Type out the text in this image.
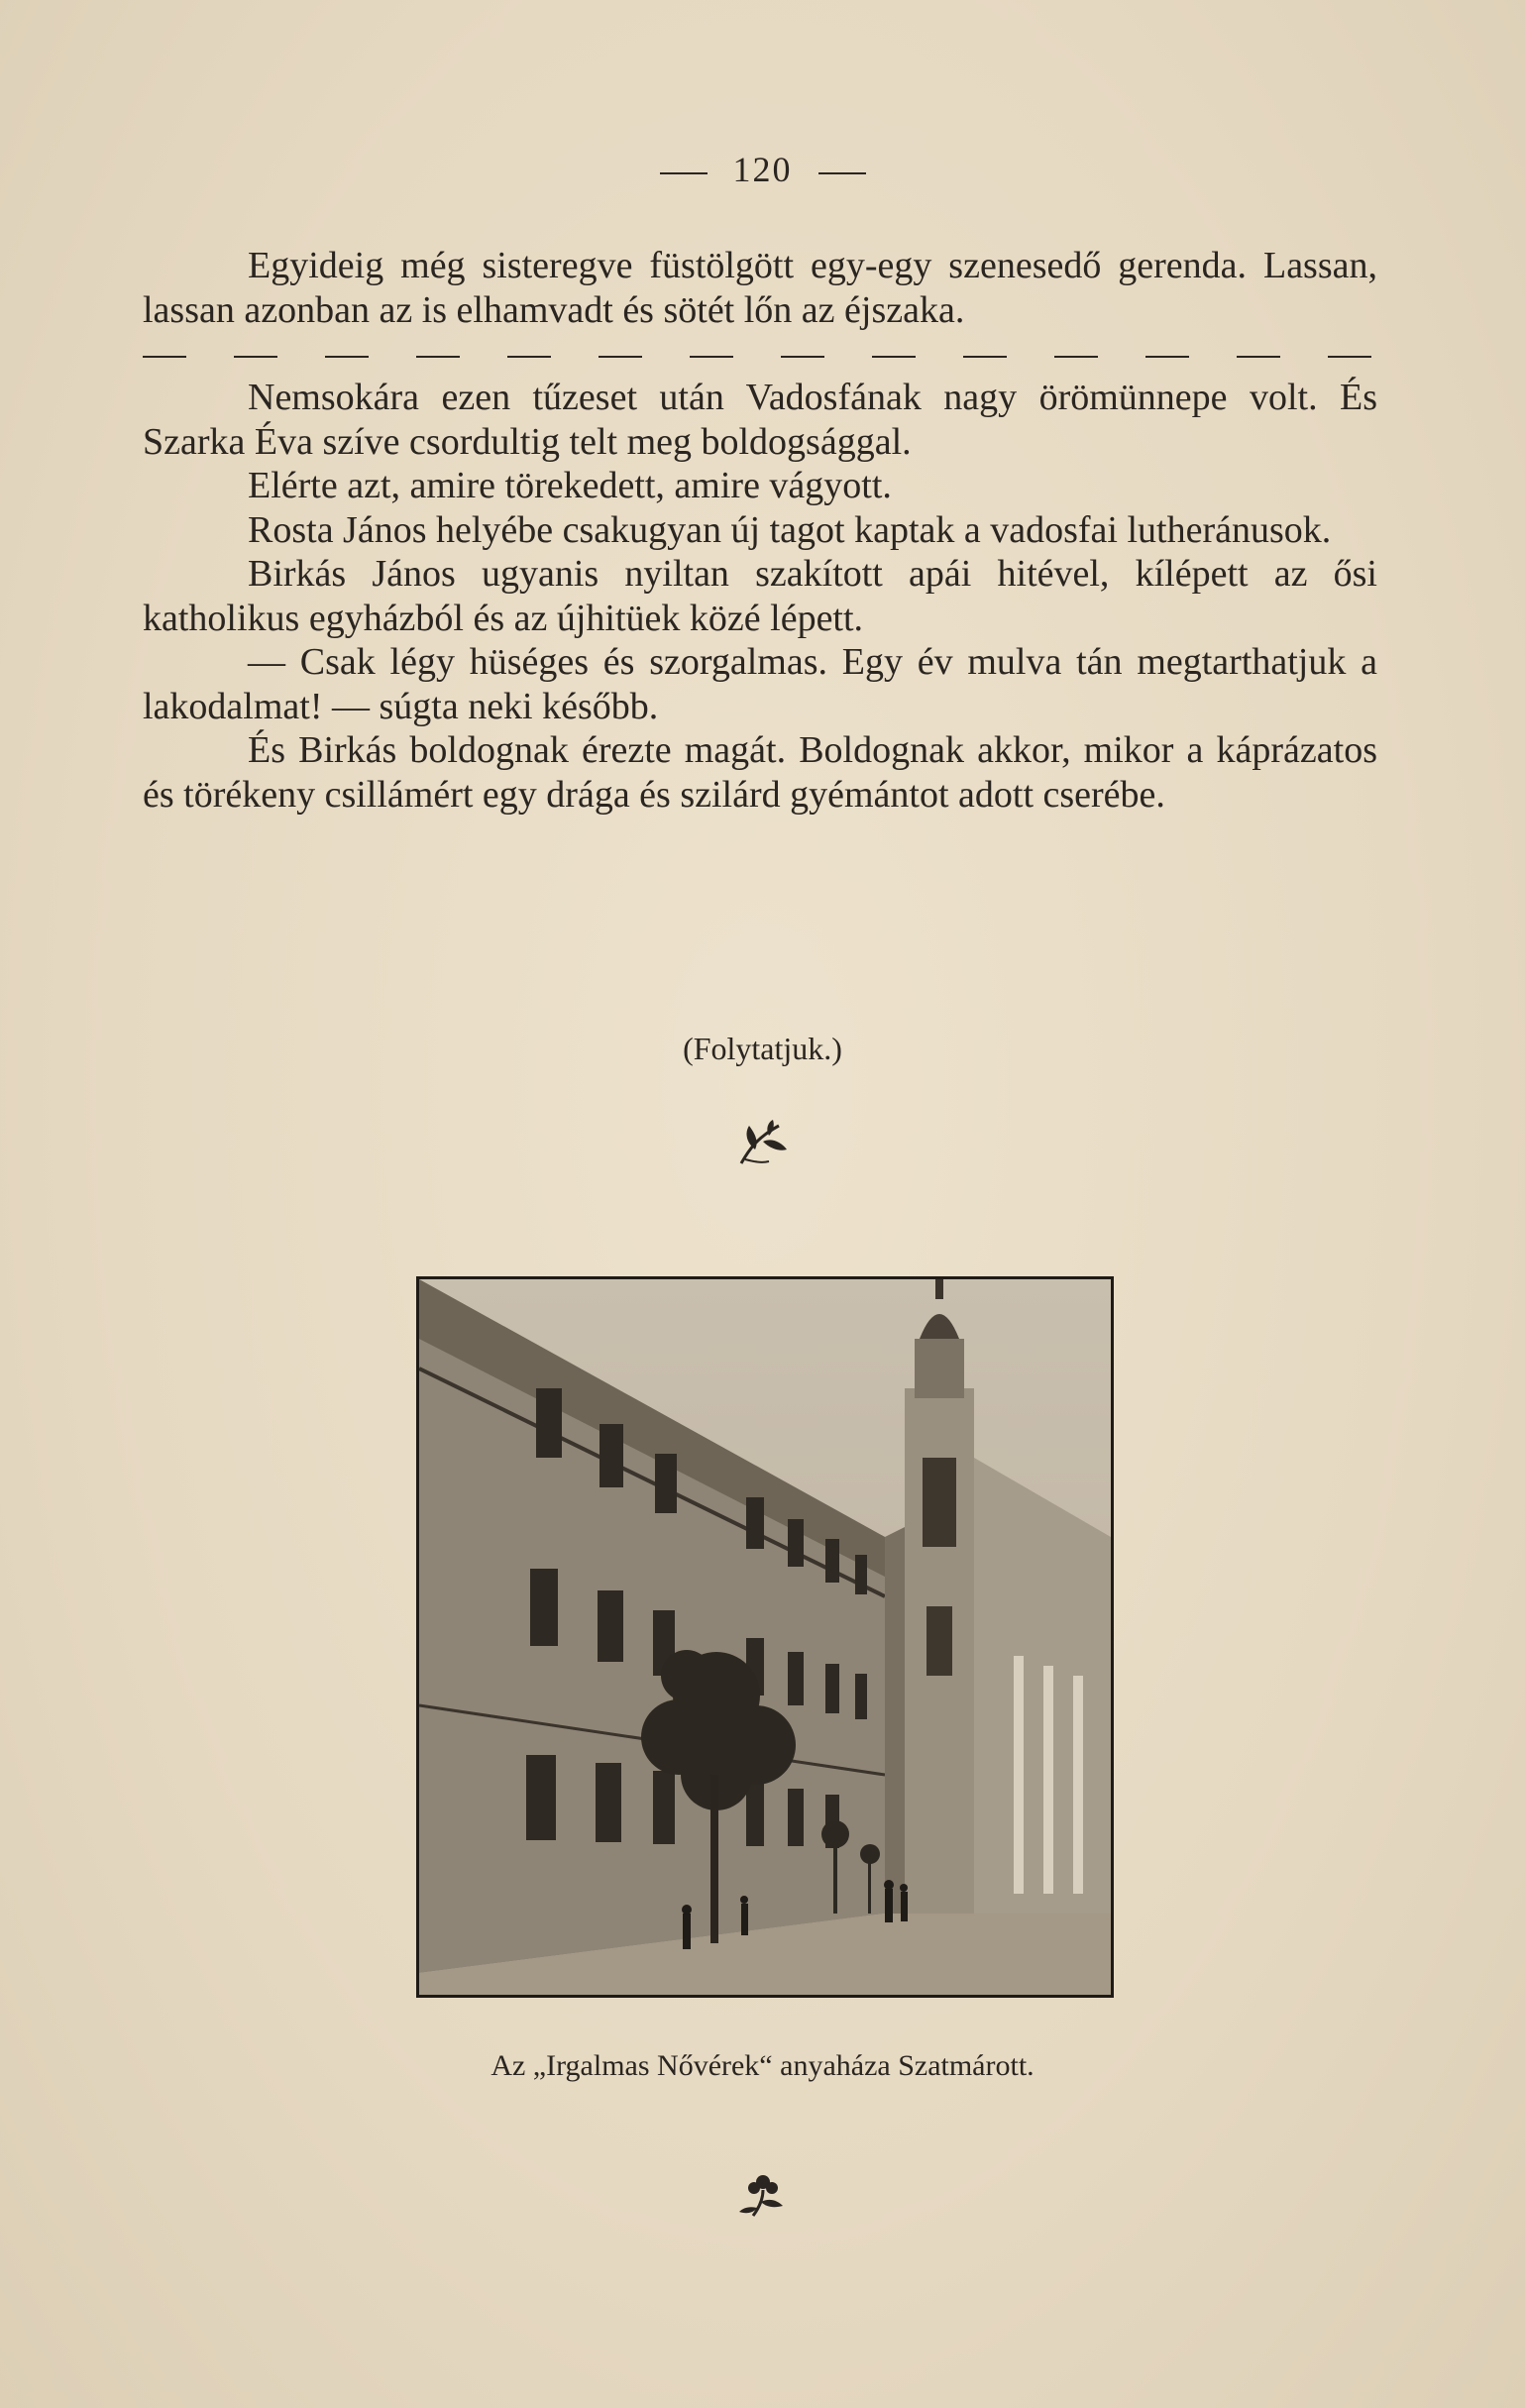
120

Egyideig még sisteregve füstölgött egy-egy szenesedő gerenda. Lassan, lassan azonban az is elhamvadt és sötét lőn az éjszaka.

Nemsokára ezen tűzeset után Vadosfának nagy örömünnepe volt. És Szarka Éva szíve csordultig telt meg boldogsággal.

Elérte azt, amire törekedett, amire vágyott.

Rosta János helyébe csakugyan új tagot kaptak a vadosfai lutheránusok.

Birkás János ugyanis nyiltan szakított apái hitével, kílépett az ősi katholikus egyházból és az újhitüek közé lépett.

— Csak légy hüséges és szorgalmas. Egy év mulva tán megtarthatjuk a lakodalmat! — súgta neki később.

És Birkás boldognak érezte magát. Boldognak akkor, mikor a káprázatos és törékeny csillámért egy drága és szilárd gyémántot adott cserébe.

(Folytatjuk.)
Az „Irgalmas Nővérek“ anyaháza Szatmárott.
